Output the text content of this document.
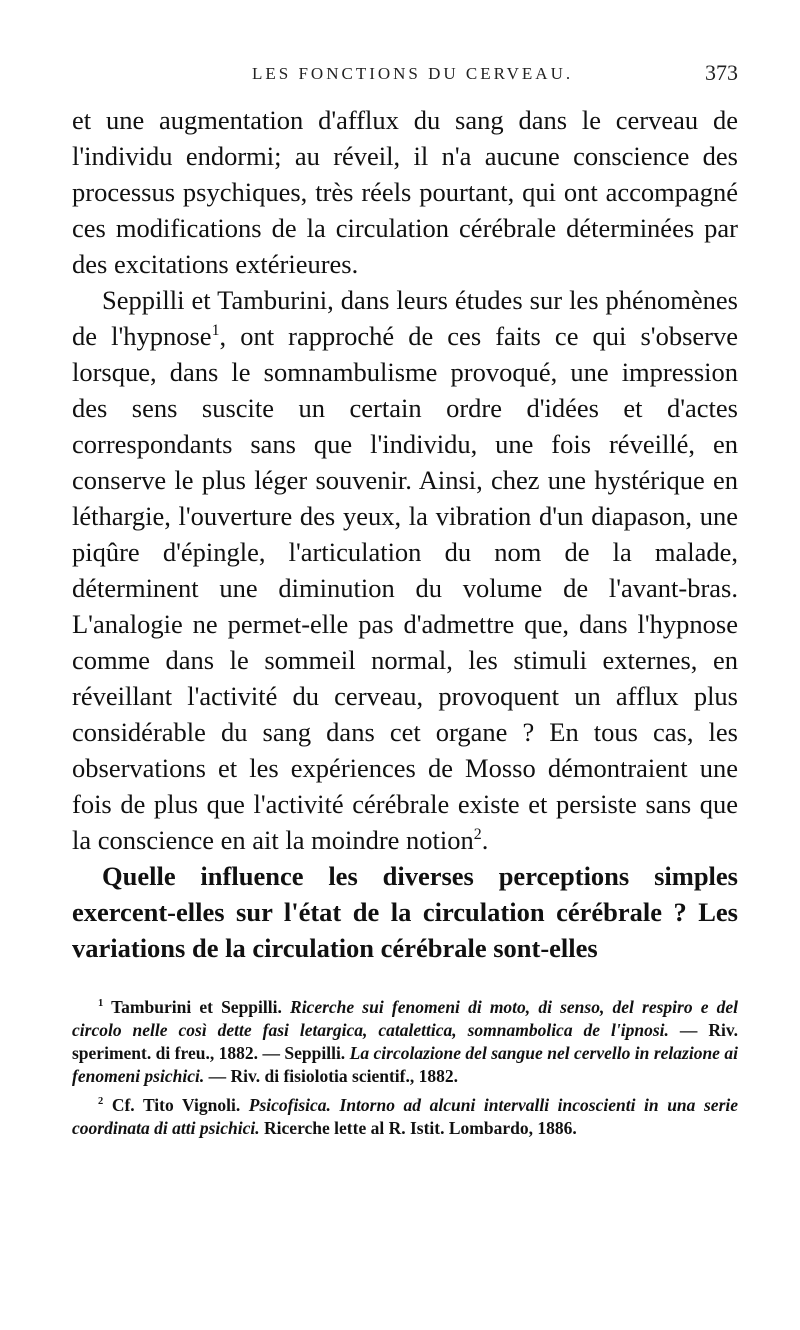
LES FONCTIONS DU CERVEAU.	373

et une augmentation d'afflux du sang dans le cerveau de l'individu endormi; au réveil, il n'a aucune conscience des processus psychiques, très réels pourtant, qui ont accompagné ces modifications de la circulation cérébrale déterminées par des excitations extérieures.

Seppilli et Tamburini, dans leurs études sur les phénomènes de l'hypnose$^1$, ont rapproché de ces faits ce qui s'observe lorsque, dans le somnambulisme provoqué, une impression des sens suscite un certain ordre d'idées et d'actes correspondants sans que l'individu, une fois réveillé, en conserve le plus léger souvenir. Ainsi, chez une hystérique en léthargie, l'ouverture des yeux, la vibration d'un diapason, une piqûre d'épingle, l'articulation du nom de la malade, déterminent une diminution du volume de l'avant-bras. L'analogie ne permet-elle pas d'admettre que, dans l'hypnose comme dans le sommeil normal, les stimuli externes, en réveillant l'activité du cerveau, provoquent un afflux plus considérable du sang dans cet organe ? En tous cas, les observations et les expériences de Mosso démontraient une fois de plus que l'activité cérébrale existe et persiste sans que la conscience en ait la moindre notion$^2$.

Quelle influence les diverses perceptions simples exercent-elles sur l'état de la circulation cérébrale ? Les variations de la circulation cérébrale sont-elles

$^1$ Tamburini et Seppilli. Ricerche sui fenomeni di moto, di senso, del respiro e del circolo nelle così dette fasi letargica, catalettica, somnambolica de l'ipnosi. — Riv. speriment. di freu., 1882. — Seppilli. La circolazione del sangue nel cervello in relazione ai fenomeni psichici. — Riv. di fisiolotia scientif., 1882.

$^2$ Cf. Tito Vignoli. Psicofisica. Intorno ad alcuni intervalli incoscienti in una serie coordinata di atti psichici. Ricerche lette al R. Istit. Lombardo, 1886.
